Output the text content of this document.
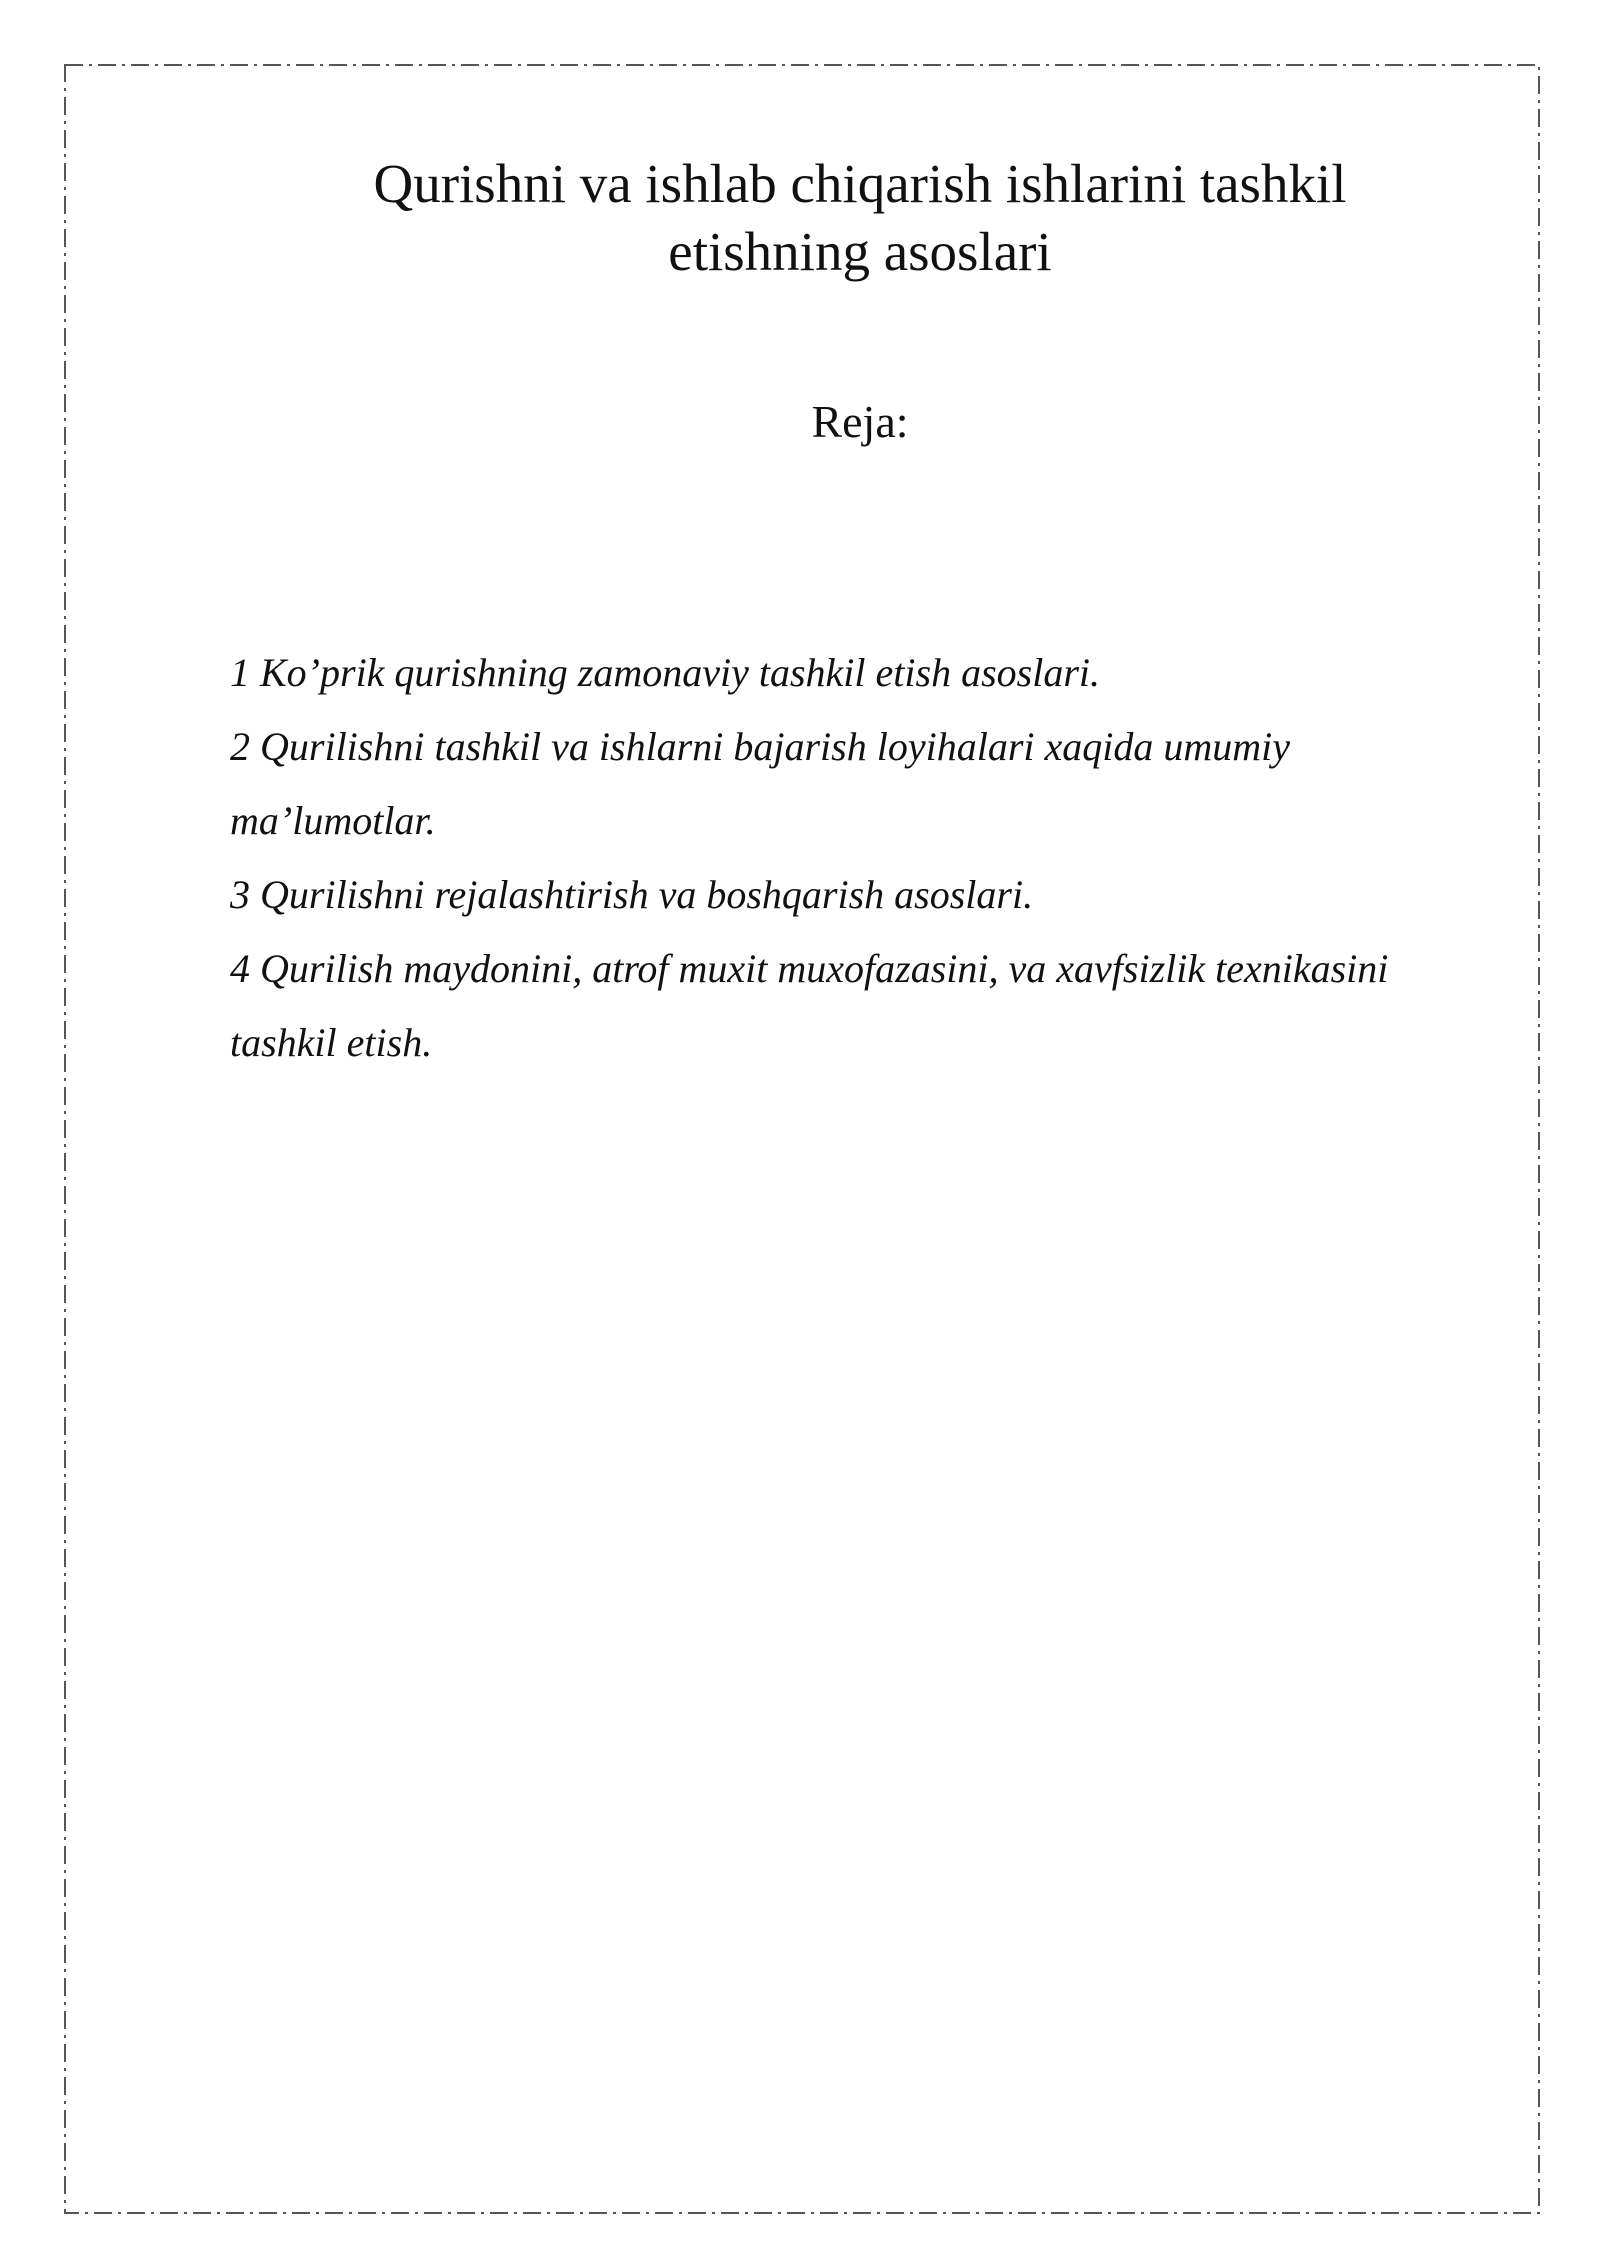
Qurishni va ishlab chiqarish ishlarini tashkil
etishning asoslari
Reja:
1 Ko’prik qurishning zamonaviy tashkil etish asoslari.
2 Qurilishni tashkil va ishlarni bajarish loyihalari xaqida umumiy ma’lumotlar.
3 Qurilishni rejalashtirish va boshqarish asoslari.
4 Qurilish maydonini, atrof muxit muxofazasini, va xavfsizlik texnikasini tashkil etish.
